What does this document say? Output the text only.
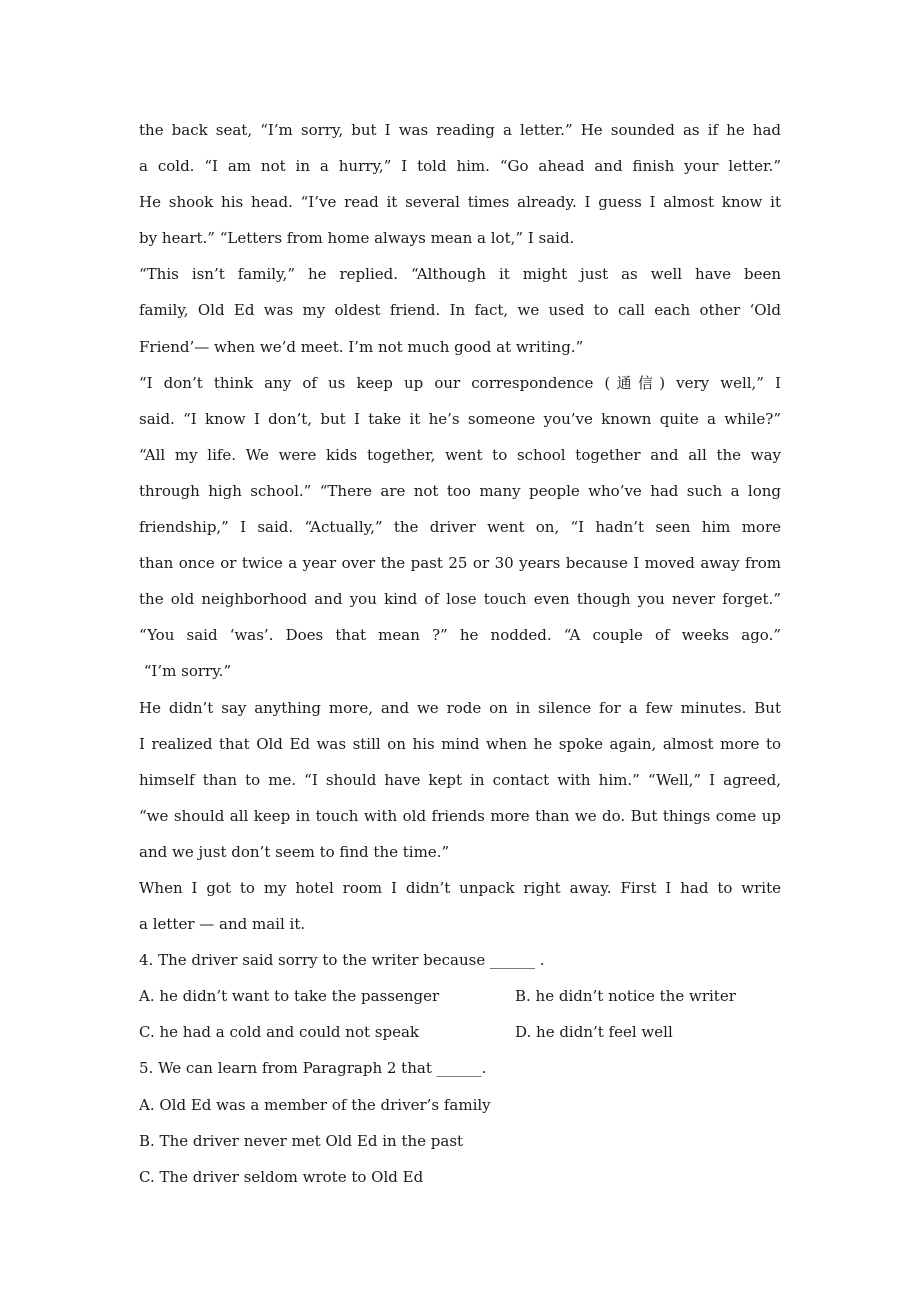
the back seat, “I’m sorry, but I was reading a letter.” He sounded as if he had
a cold. “I am not in a hurry,” I told him. “Go ahead and finish your letter.”
He shook his head. “I’ve read it several times already. I guess I almost know it
by heart.” “Letters from home always mean a lot,” I said.
“This isn’t family,” he replied. “Although it might just as well have been
family, Old Ed was my oldest friend. In fact, we used to call each other ‘Old
Friend’— when we’d meet. I’m not much good at writing.”
“I don’t think any of us keep up our correspondence (通信) very well,” I
said. “I know I don’t, but I take it he’s someone you’ve known quite a while?”
“All my life. We were kids together, went to school together and all the way
through high school.” “There are not too many people who’ve had such a long
friendship,” I said. “Actually,” the driver went on, “I hadn’t seen him more
than once or twice a year over the past 25 or 30 years because I moved away from
the old neighborhood and you kind of lose touch even though you never forget.”
“You said ‘was’. Does that mean ?” he nodded. “A couple of weeks ago.”
“I’m sorry.”
He didn’t say anything more, and we rode on in silence for a few minutes. But
I realized that Old Ed was still on his mind when he spoke again, almost more to
himself than to me. “I should have kept in contact with him.” “Well,” I agreed,
“we should all keep in touch with old friends more than we do. But things come up
and we just don’t seem to find the time.”
When I got to my hotel room I didn’t unpack right away. First I had to write
a letter — and mail it.
4. The driver said sorry to the writer because ______ .

A. he didn’t want to take the passenger

	B. he didn’t notice the writer

C. he had a cold and could not speak

	D. he didn’t feel well

5. We can learn from Paragraph 2 that ______.
A. Old Ed was a member of the driver’s family
B. The driver never met Old Ed in the past
C. The driver seldom wrote to Old Ed
